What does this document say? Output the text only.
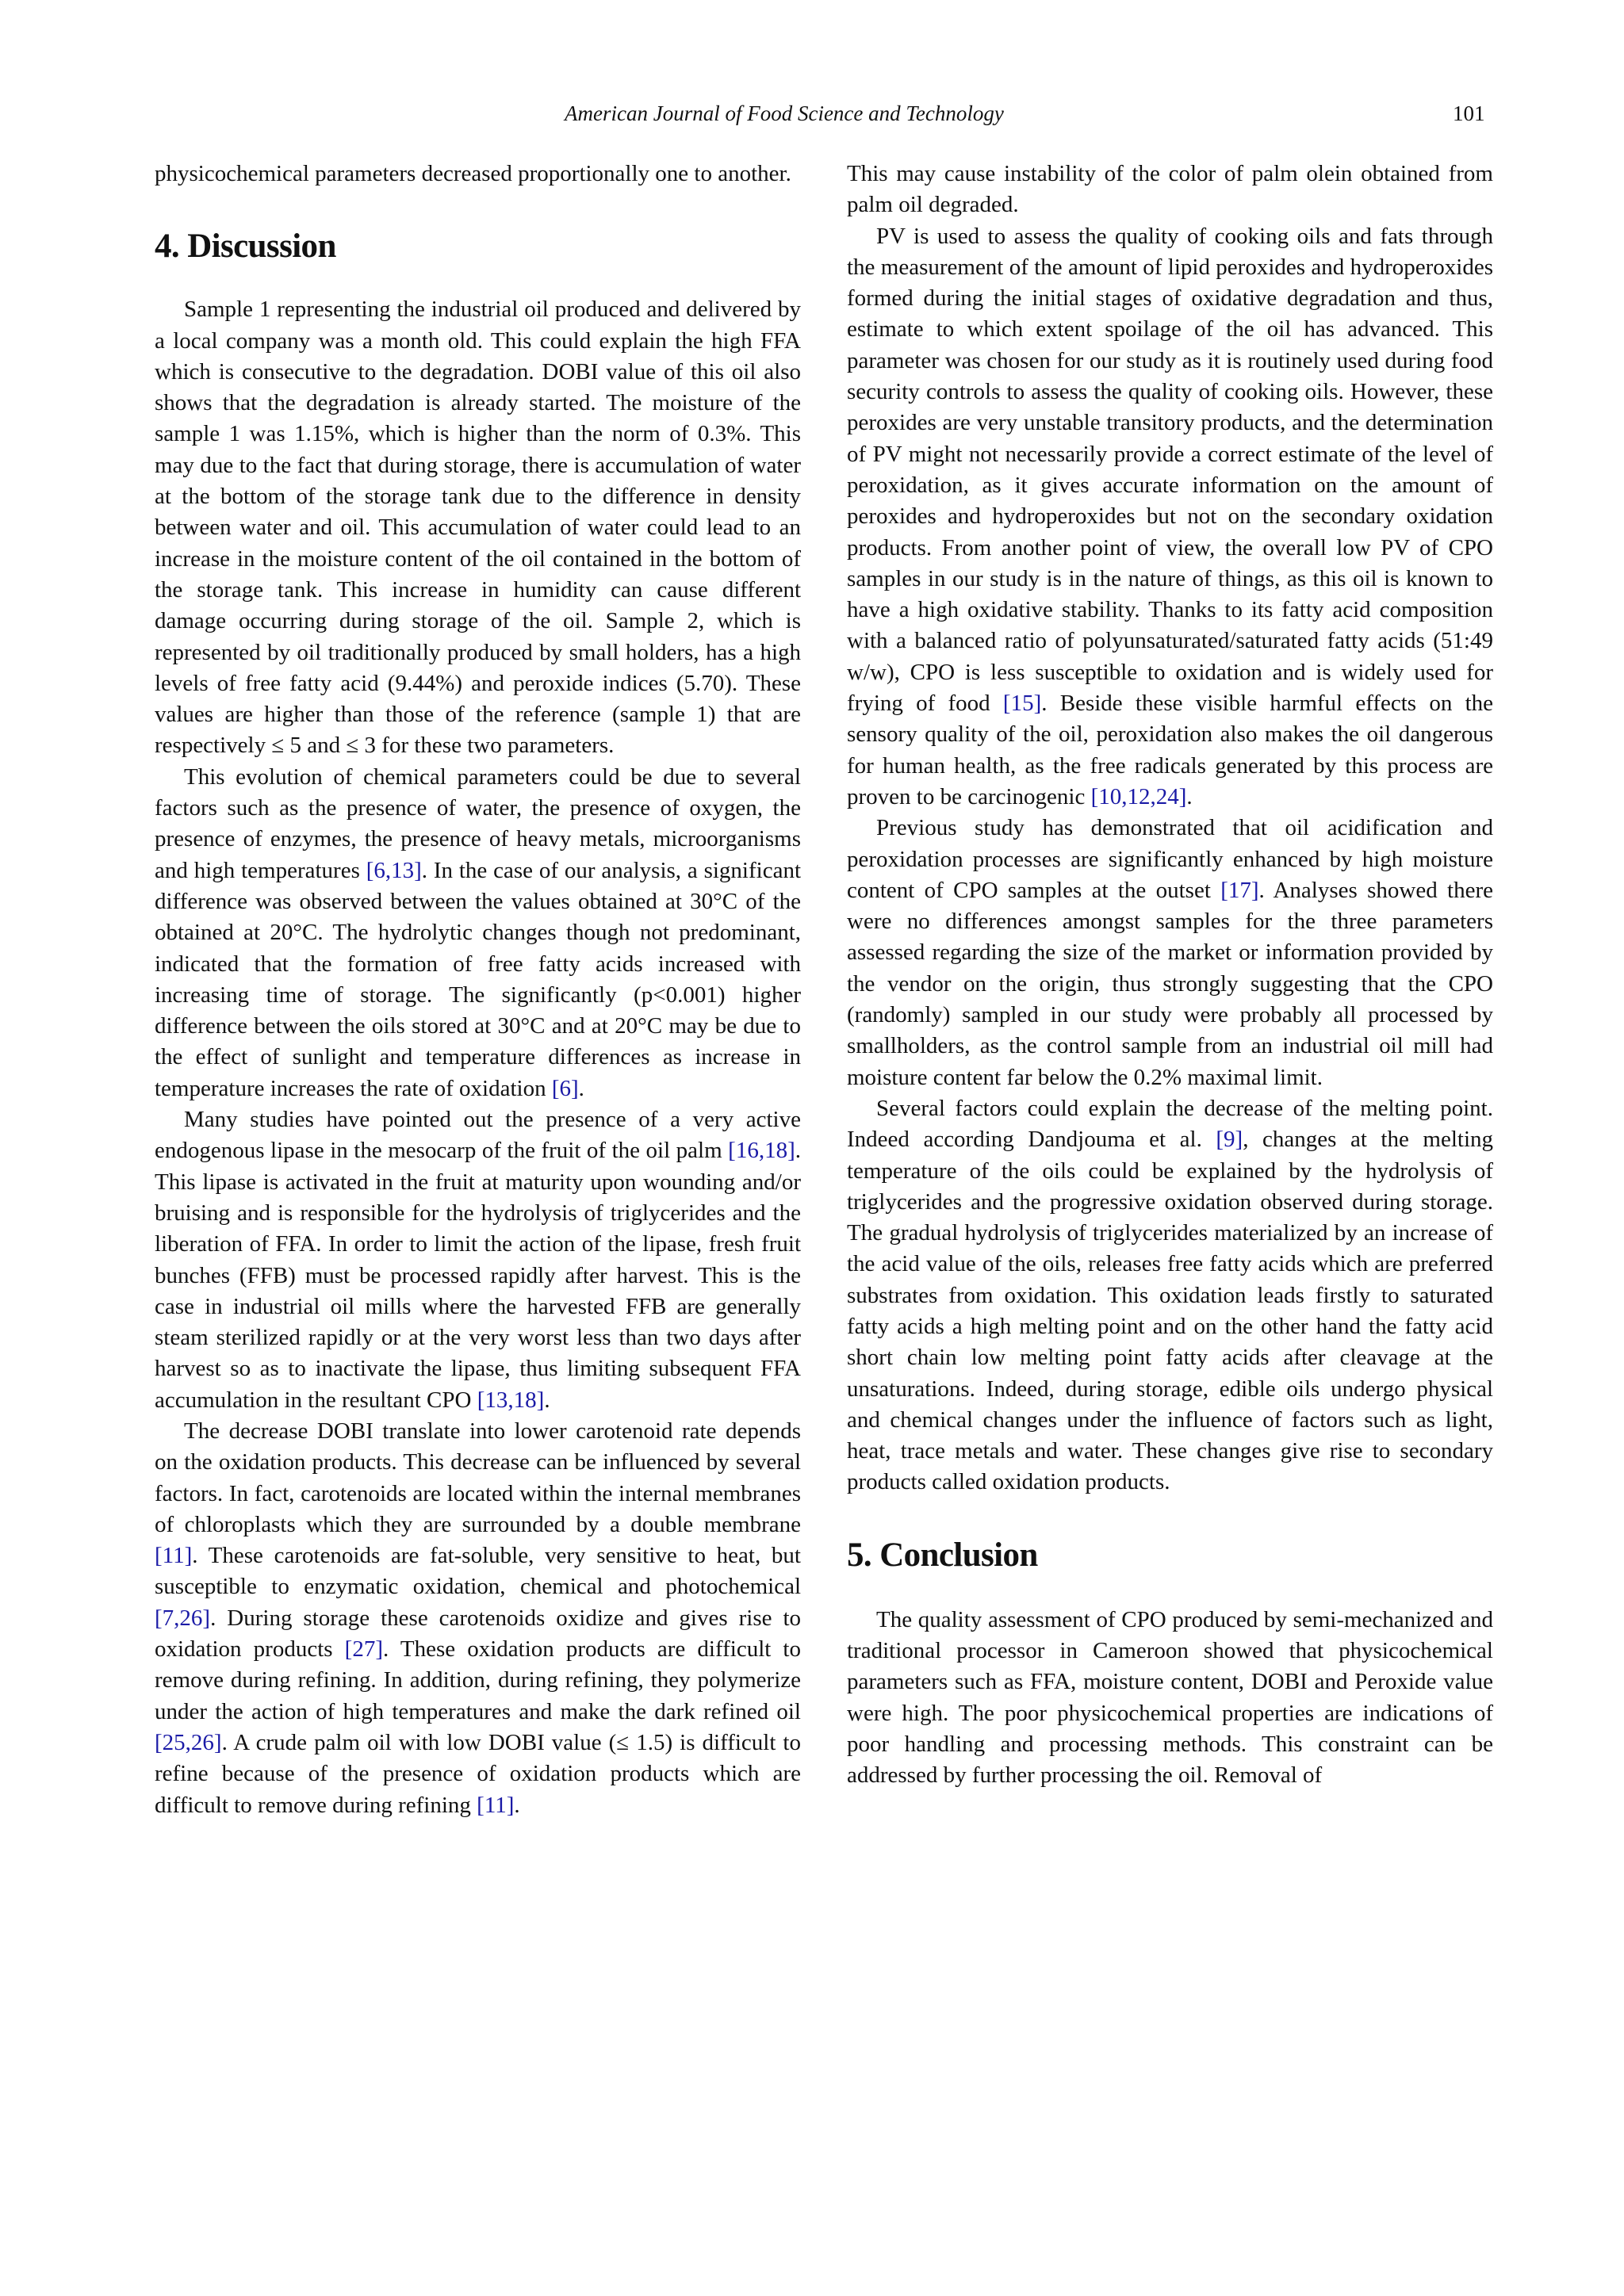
American Journal of Food Science and Technology	101

physicochemical parameters decreased proportionally one to another.

4. Discussion

Sample 1 representing the industrial oil produced and delivered by a local company was a month old. This could explain the high FFA which is consecutive to the degradation. DOBI value of this oil also shows that the degradation is already started. The moisture of the sample 1 was 1.15%, which is higher than the norm of 0.3%. This may due to the fact that during storage, there is accumulation of water at the bottom of the storage tank due to the difference in density between water and oil. This accumulation of water could lead to an increase in the moisture content of the oil contained in the bottom of the storage tank. This increase in humidity can cause different damage occurring during storage of the oil. Sample 2, which is represented by oil traditionally produced by small holders, has a high levels of free fatty acid (9.44%) and peroxide indices (5.70). These values are higher than those of the reference (sample 1) that are respectively ≤ 5 and ≤ 3 for these two parameters.

This evolution of chemical parameters could be due to several factors such as the presence of water, the presence of oxygen, the presence of enzymes, the presence of heavy metals, microorganisms and high temperatures [6,13]. In the case of our analysis, a significant difference was observed between the values obtained at 30°C of the obtained at 20°C. The hydrolytic changes though not predominant, indicated that the formation of free fatty acids increased with increasing time of storage. The significantly (p<0.001) higher difference between the oils stored at 30°C and at 20°C may be due to the effect of sunlight and temperature differences as increase in temperature increases the rate of oxidation [6].

Many studies have pointed out the presence of a very active endogenous lipase in the mesocarp of the fruit of the oil palm [16,18]. This lipase is activated in the fruit at maturity upon wounding and/or bruising and is responsible for the hydrolysis of triglycerides and the liberation of FFA. In order to limit the action of the lipase, fresh fruit bunches (FFB) must be processed rapidly after harvest. This is the case in industrial oil mills where the harvested FFB are generally steam sterilized rapidly or at the very worst less than two days after harvest so as to inactivate the lipase, thus limiting subsequent FFA accumulation in the resultant CPO [13,18].

The decrease DOBI translate into lower carotenoid rate depends on the oxidation products. This decrease can be influenced by several factors. In fact, carotenoids are located within the internal membranes of chloroplasts which they are surrounded by a double membrane [11]. These carotenoids are fat-soluble, very sensitive to heat, but susceptible to enzymatic oxidation, chemical and photochemical [7,26]. During storage these carotenoids oxidize and gives rise to oxidation products [27]. These oxidation products are difficult to remove during refining. In addition, during refining, they polymerize under the action of high temperatures and make the dark refined oil [25,26]. A crude palm oil with low DOBI value (≤ 1.5) is difficult to refine because of the presence of oxidation products which are difficult to remove during refining [11].

This may cause instability of the color of palm olein obtained from palm oil degraded.

PV is used to assess the quality of cooking oils and fats through the measurement of the amount of lipid peroxides and hydroperoxides formed during the initial stages of oxidative degradation and thus, estimate to which extent spoilage of the oil has advanced. This parameter was chosen for our study as it is routinely used during food security controls to assess the quality of cooking oils. However, these peroxides are very unstable transitory products, and the determination of PV might not necessarily provide a correct estimate of the level of peroxidation, as it gives accurate information on the amount of peroxides and hydroperoxides but not on the secondary oxidation products. From another point of view, the overall low PV of CPO samples in our study is in the nature of things, as this oil is known to have a high oxidative stability. Thanks to its fatty acid composition with a balanced ratio of polyunsaturated/saturated fatty acids (51:49 w/w), CPO is less susceptible to oxidation and is widely used for frying of food [15]. Beside these visible harmful effects on the sensory quality of the oil, peroxidation also makes the oil dangerous for human health, as the free radicals generated by this process are proven to be carcinogenic [10,12,24].

Previous study has demonstrated that oil acidification and peroxidation processes are significantly enhanced by high moisture content of CPO samples at the outset [17]. Analyses showed there were no differences amongst samples for the three parameters assessed regarding the size of the market or information provided by the vendor on the origin, thus strongly suggesting that the CPO (randomly) sampled in our study were probably all processed by smallholders, as the control sample from an industrial oil mill had moisture content far below the 0.2% maximal limit.

Several factors could explain the decrease of the melting point. Indeed according Dandjouma et al. [9], changes at the melting temperature of the oils could be explained by the hydrolysis of triglycerides and the progressive oxidation observed during storage. The gradual hydrolysis of triglycerides materialized by an increase of the acid value of the oils, releases free fatty acids which are preferred substrates from oxidation. This oxidation leads firstly to saturated fatty acids a high melting point and on the other hand the fatty acid short chain low melting point fatty acids after cleavage at the unsaturations. Indeed, during storage, edible oils undergo physical and chemical changes under the influence of factors such as light, heat, trace metals and water. These changes give rise to secondary products called oxidation products.

5. Conclusion

The quality assessment of CPO produced by semi-mechanized and traditional processor in Cameroon showed that physicochemical parameters such as FFA, moisture content, DOBI and Peroxide value were high. The poor physicochemical properties are indications of poor handling and processing methods. This constraint can be addressed by further processing the oil. Removal of
